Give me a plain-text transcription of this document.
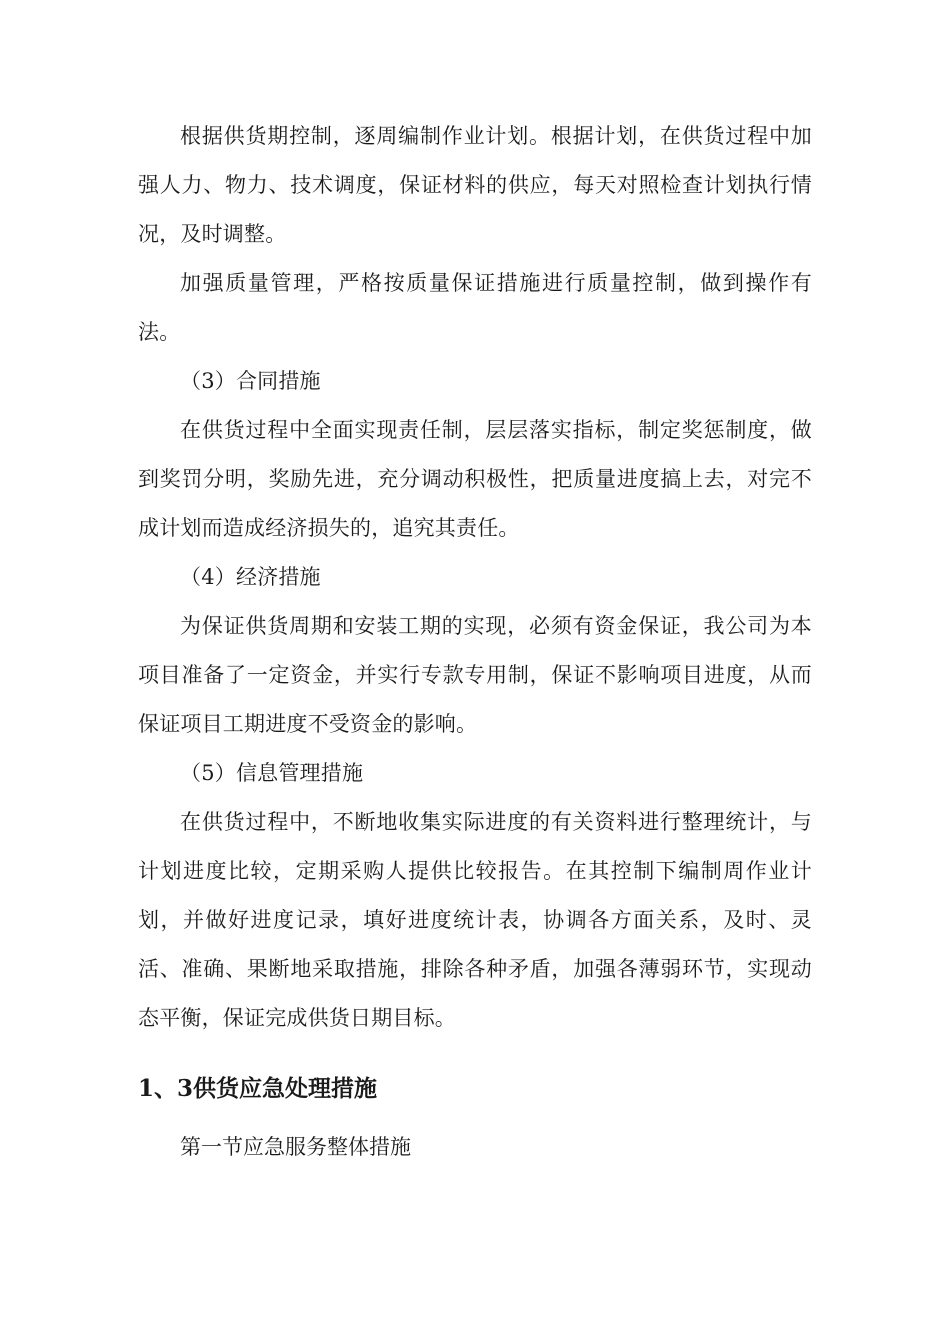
根据供货期控制，逐周编制作业计划。根据计划，在供货过程中加强人力、物力、技术调度，保证材料的供应，每天对照检查计划执行情况，及时调整。

加强质量管理，严格按质量保证措施进行质量控制，做到操作有法。

（3）合同措施

在供货过程中全面实现责任制，层层落实指标，制定奖惩制度，做到奖罚分明，奖励先进，充分调动积极性，把质量进度搞上去，对完不成计划而造成经济损失的，追究其责任。

（4）经济措施

为保证供货周期和安装工期的实现，必须有资金保证，我公司为本项目准备了一定资金，并实行专款专用制，保证不影响项目进度，从而保证项目工期进度不受资金的影响。

（5）信息管理措施

在供货过程中，不断地收集实际进度的有关资料进行整理统计，与计划进度比较，定期采购人提供比较报告。在其控制下编制周作业计划，并做好进度记录，填好进度统计表，协调各方面关系，及时、灵活、准确、果断地采取措施，排除各种矛盾，加强各薄弱环节，实现动态平衡，保证完成供货日期目标。

1、3供货应急处理措施

第一节应急服务整体措施
